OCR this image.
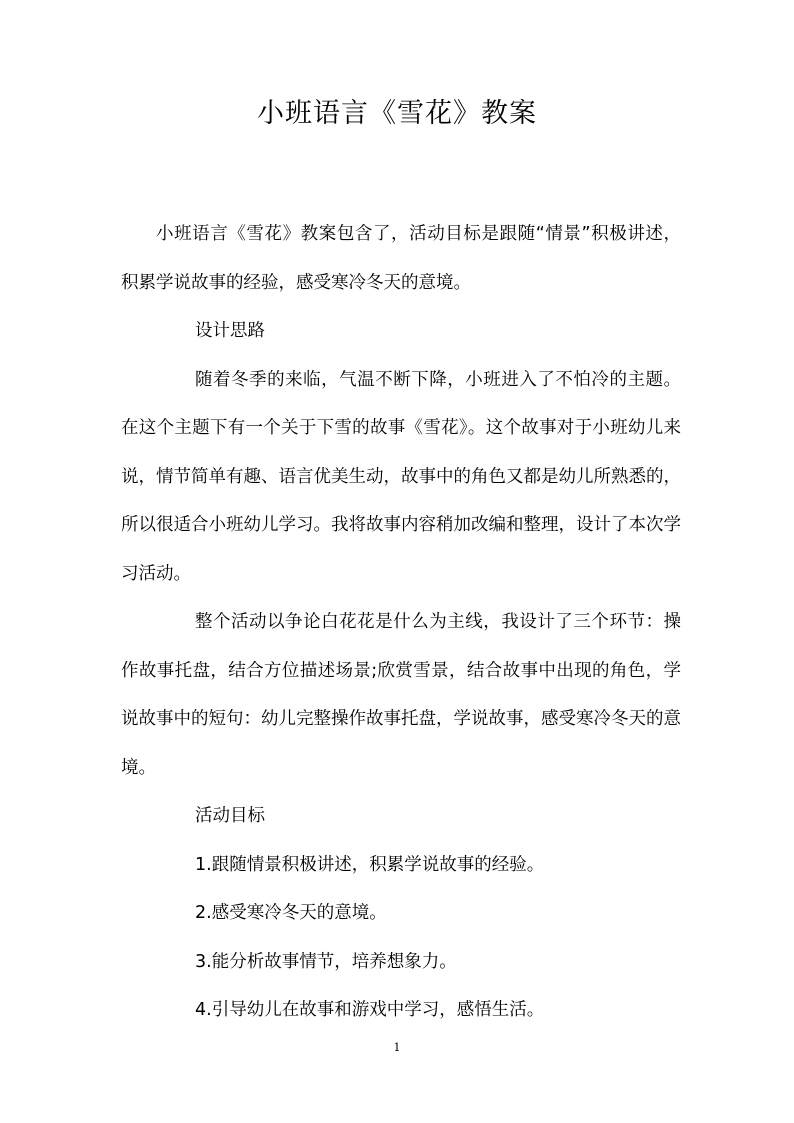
小班语言《雪花》教案

小班语言《雪花》教案包含了，活动目标是跟随“情景”积极讲述，积累学说故事的经验，感受寒冷冬天的意境。

设计思路

随着冬季的来临，气温不断下降，小班进入了不怕冷的主题。在这个主题下有一个关于下雪的故事《雪花》。这个故事对于小班幼儿来说，情节简单有趣、语言优美生动，故事中的角色又都是幼儿所熟悉的，所以很适合小班幼儿学习。我将故事内容稍加改编和整理，设计了本次学习活动。

整个活动以争论白花花是什么为主线，我设计了三个环节：操作故事托盘，结合方位描述场景;欣赏雪景，结合故事中出现的角色，学说故事中的短句：幼儿完整操作故事托盘，学说故事，感受寒冷冬天的意境。

活动目标

1.跟随情景积极讲述，积累学说故事的经验。

2.感受寒冷冬天的意境。

3.能分析故事情节，培养想象力。

4.引导幼儿在故事和游戏中学习，感悟生活。

1
